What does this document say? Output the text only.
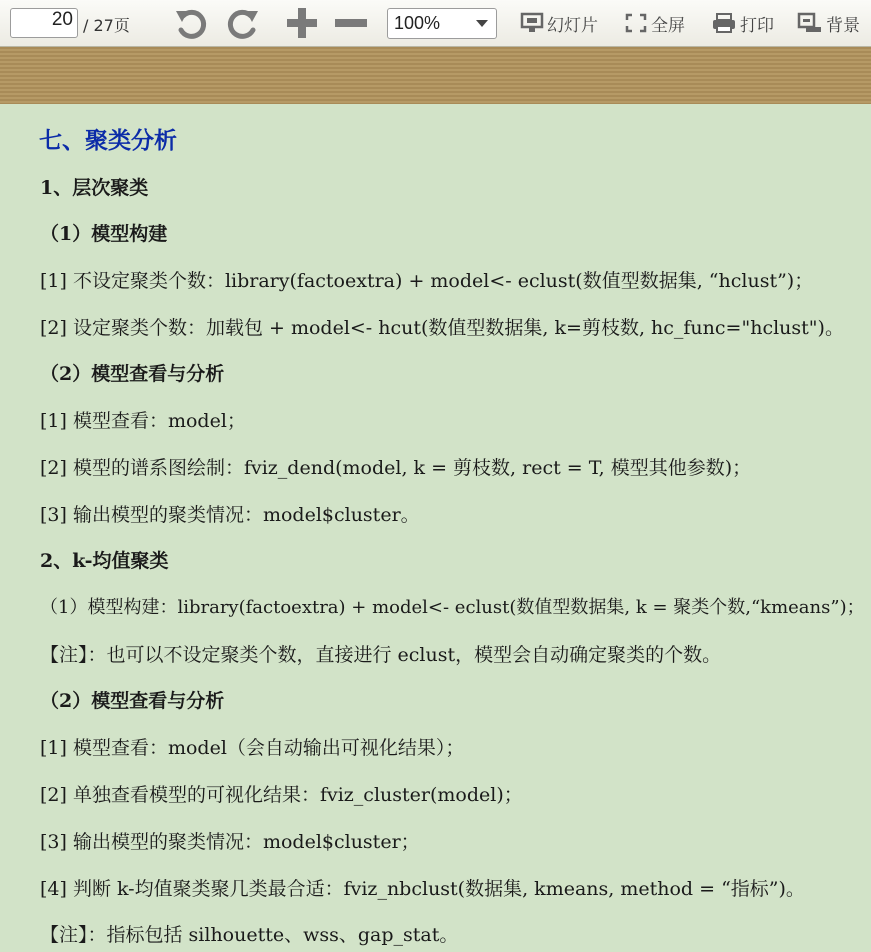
20 / 27页	100%	幻灯片	全屏	打印	背景
七、聚类分析
1、层次聚类
（1）模型构建
[1] 不设定聚类个数：library(factoextra) + model<- eclust(数值型数据集, “hclust”)；
[2] 设定聚类个数：加载包 + model<- hcut(数值型数据集, k=剪枝数, hc_func="hclust")。
（2）模型查看与分析
[1] 模型查看：model；
[2] 模型的谱系图绘制：fviz_dend(model, k = 剪枝数, rect = T, 模型其他参数)；
[3] 输出模型的聚类情况：model$cluster。
2、k-均值聚类
（1）模型构建：library(factoextra) + model<- eclust(数值型数据集, k = 聚类个数,“kmeans”)；
【注】：也可以不设定聚类个数，直接进行 eclust，模型会自动确定聚类的个数。
（2）模型查看与分析
[1] 模型查看：model（会自动输出可视化结果）；
[2] 单独查看模型的可视化结果：fviz_cluster(model)；
[3] 输出模型的聚类情况：model$cluster；
[4] 判断 k-均值聚类聚几类最合适：fviz_nbclust(数据集, kmeans, method = “指标”)。
【注】：指标包括 silhouette、wss、gap_stat。
